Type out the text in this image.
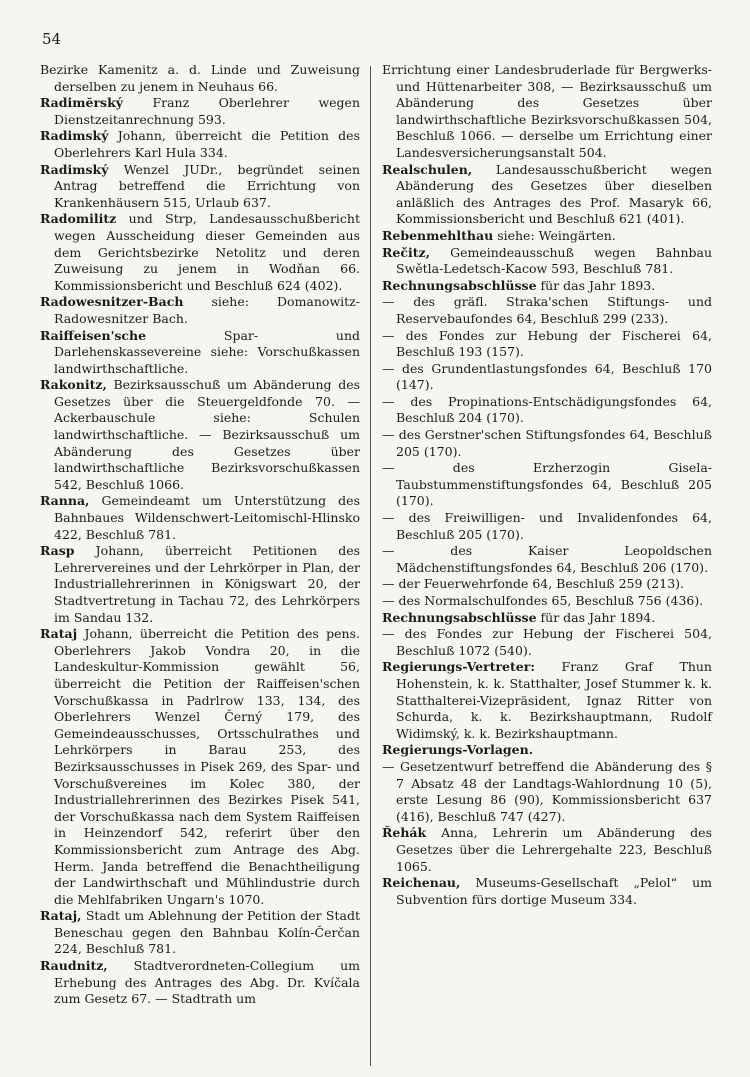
54

Bezirke Kamenitz a. d. Linde und Zuweisung derselben zu jenem in Neuhaus 66.

Radimĕrský Franz Oberlehrer wegen Dienstzeitanrechnung 593.

Radimský Johann, überreicht die Petition des Oberlehrers Karl Hula 334.

Radimský Wenzel JUDr., begründet seinen Antrag betreffend die Errichtung von Krankenhäusern 515, Urlaub 637.

Radomilitz und Strp, Landesausschußbericht wegen Ausscheidung dieser Gemeinden aus dem Gerichtsbezirke Netolitz und deren Zuweisung zu jenem in Wodňan 66. Kommissionsbericht und Beschluß 624 (402).

Radowesnitzer-Bach siehe: Domanowitz-Radowesnitzer Bach.

Raiffeisen'sche	Spar- und Darlehenskassevereine siehe: Vorschußkassen landwirthschaftliche.

Rakonitz, Bezirksausschuß um Abänderung des Gesetzes über die Steuergeldfonde 70. — Ackerbauschule siehe: Schulen landwirthschaftliche. — Bezirksausschuß um Abänderung des Gesetzes über landwirthschaftliche Bezirksvorschußkassen 542, Beschluß 1066.

Ranna, Gemeindeamt um Unterstützung des Bahnbaues Wildenschwert-Leitomischl-Hlinsko 422, Beschluß 781.

Rasp Johann, überreicht Petitionen des Lehrervereines und der Lehrkörper in Plan, der Industriallehrerinnen in Königswart 20, der Stadtvertretung in Tachau 72, des Lehrkörpers im Sandau 132.

Rataj Johann, überreicht die Petition des pens. Oberlehrers Jakob Vondra 20, in die Landeskultur-Kommission gewählt 56, überreicht die Petition der Raiffeisen'schen Vorschußkassa in Padrlrow 133, 134, des Oberlehrers Wenzel Černý 179, des Gemeindeausschusses, Ortsschulrathes und Lehrkörpers in Barau 253, des Bezirksausschusses in Pisek 269, des Spar- und Vorschußvereines im Kolec 380, der Industriallehrerinnen des Bezirkes Pisek 541, der Vorschußkassa nach dem System Raiffeisen in Heinzendorf 542, referirt über den Kommissionsbericht zum Antrage des Abg. Herm. Janda betreffend die Benachtheiligung der Landwirthschaft und Mühlindustrie durch die Mehlfabriken Ungarn's 1070.

Rataj, Stadt um Ablehnung der Petition der Stadt Beneschau gegen den Bahnbau Kolín-Čerčan 224, Beschluß 781.

Raudnitz, Stadtverordneten-Collegium um Erhebung des Antrages des Abg. Dr. Kvíčala zum Gesetz 67. — Stadtrath um

Errichtung einer Landesbruderlade für Bergwerks- und Hüttenarbeiter 308, — Bezirksausschuß um Abänderung des Gesetzes über landwirthschaftliche Bezirksvorschußkassen 504, Beschluß 1066. — derselbe um Errichtung einer Landesversicherungsanstalt 504.

Realschulen, Landesausschußbericht wegen Abänderung des Gesetzes über dieselben anläßlich des Antrages des Prof. Masaryk 66, Kommissionsbericht und Beschluß 621 (401).

Rebenmehlthau siehe: Weingärten.

Rečitz, Gemeindeausschuß wegen Bahnbau Swětla-Ledetsch-Kacow 593, Beschluß 781.

Rechnungsabschlüsse für das Jahr 1893.

— des gräfl. Straka'schen Stiftungs- und Reservebaufondes 64, Beschluß 299 (233).

— des Fondes zur Hebung der Fischerei 64, Beschluß 193 (157).

— des Grundentlastungsfondes 64, Beschluß 170 (147).

— des Propinations-Entschädigungsfondes 64, Beschluß 204 (170).

— des Gerstner'schen Stiftungsfondes 64, Beschluß 205 (170).

— des Erzherzogin Gisela-Taubstummenstiftungsfondes 64, Beschluß 205 (170).

— des Freiwilligen- und Invalidenfondes 64, Beschluß 205 (170).

— des Kaiser Leopoldschen Mädchenstiftungsfondes 64, Beschluß 206 (170).

— der Feuerwehrfonde 64, Beschluß 259 (213).

— des Normalschulfondes 65, Beschluß 756 (436).

Rechnungsabschlüsse für das Jahr 1894.

— des Fondes zur Hebung der Fischerei 504, Beschluß 1072 (540).

Regierungs-Vertreter: Franz Graf Thun Hohenstein, k. k. Statthalter, Josef Stummer k. k. Statthalterei-Vizepräsident, Ignaz Ritter von Schurda, k. k. Bezirkshauptmann, Rudolf Widimský, k. k. Bezirkshauptmann.

Regierungs-Vorlagen.

— Gesetzentwurf betreffend die Abänderung des § 7 Absatz 48 der Landtags-Wahlordnung 10 (5), erste Lesung 86 (90), Kommissionsbericht 637 (416), Beschluß 747 (427).

Řehák Anna, Lehrerin um Abänderung des Gesetzes über die Lehrergehalte 223, Beschluß 1065.

Reichenau, Museums-Gesellschaft „Pelol“ um Subvention fürs dortige Museum 334.
